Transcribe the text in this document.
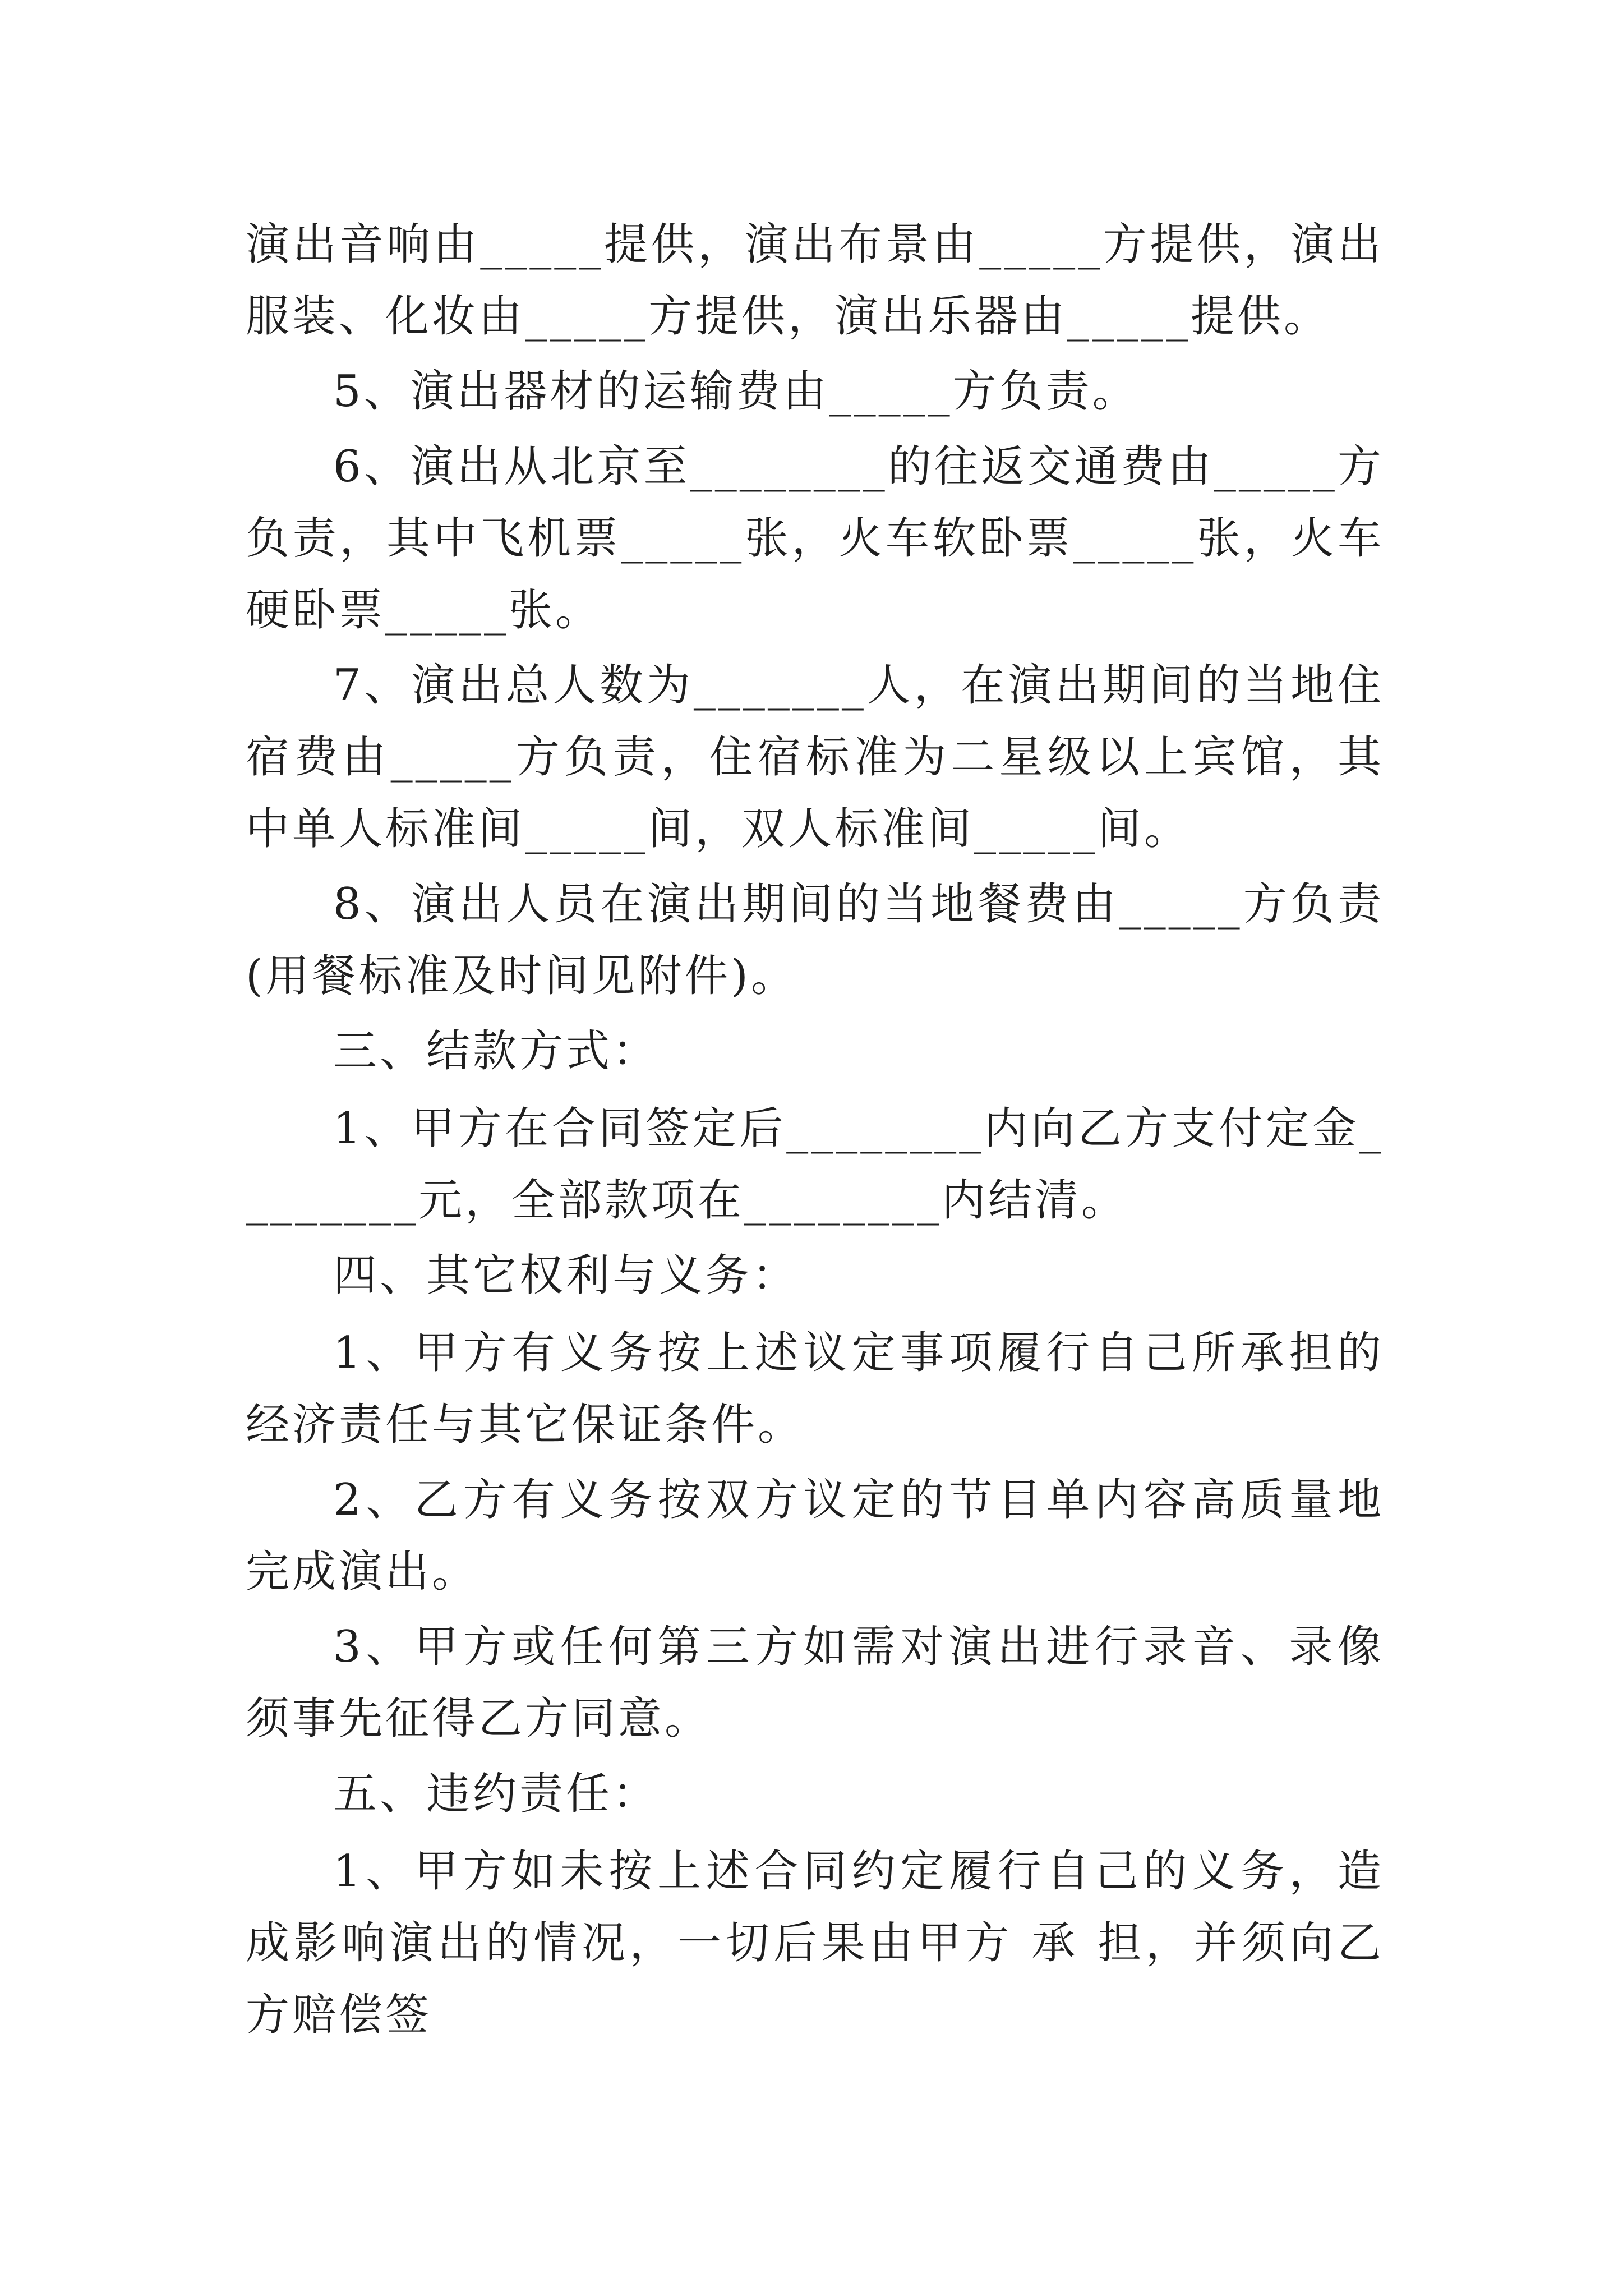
演出音响由_____提供，演出布景由_____方提供，演出服装、化妆由_____方提供，演出乐器由_____提供。

5、演出器材的运输费由_____方负责。

6、演出从北京至________的往返交通费由_____方负责，其中飞机票_____张，火车软卧票_____张，火车硬卧票_____张。

7、演出总人数为_______人，在演出期间的当地住宿费由_____方负责，住宿标准为二星级以上宾馆，其中单人标准间_____间，双人标准间_____间。

8、演出人员在演出期间的当地餐费由_____方负责(用餐标准及时间见附件)。

三、结款方式：

1、甲方在合同签定后________内向乙方支付定金________元，全部款项在________内结清。

四、其它权利与义务：

1、甲方有义务按上述议定事项履行自己所承担的经济责任与其它保证条件。

2、乙方有义务按双方议定的节目单内容高质量地完成演出。

3、甲方或任何第三方如需对演出进行录音、录像须事先征得乙方同意。

五、违约责任：

1、甲方如未按上述合同约定履行自己的义务，造成影响演出的情况，一切后果由甲方 承 担，并须向乙方赔偿签
